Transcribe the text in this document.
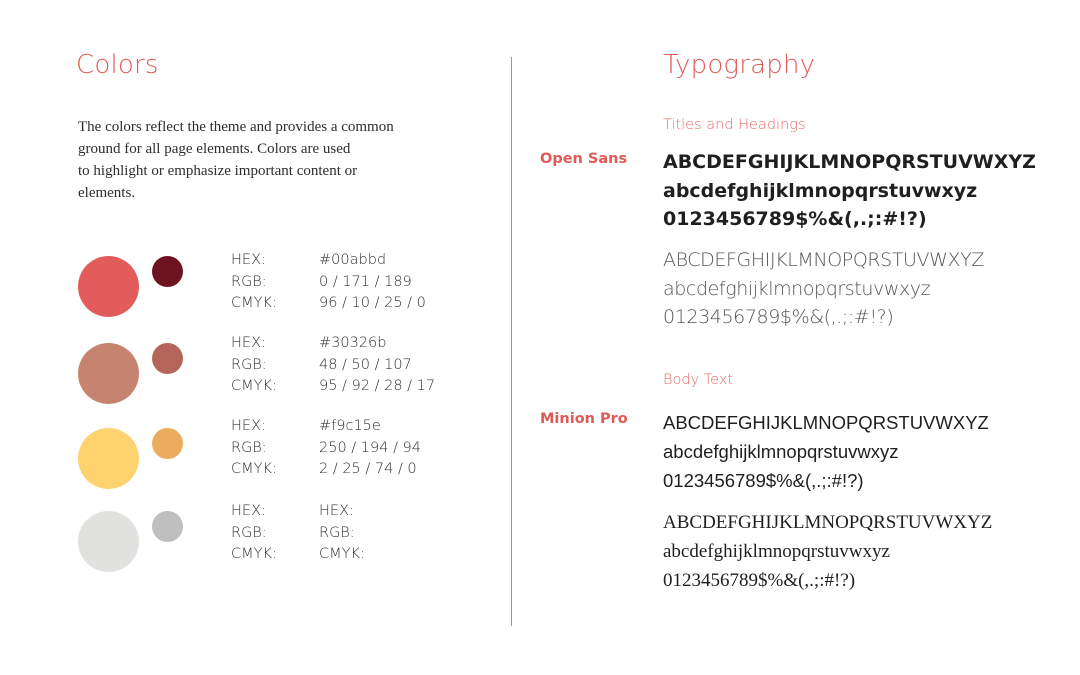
Colors
The colors reflect the theme and provides a common
ground for all page elements. Colors are used
to highlight or emphasize important content or
elements.
HEX:
RGB:
CMYK:
#00abbd
0 / 171 / 189
96 / 10 / 25 / 0
HEX:
RGB:
CMYK:
#30326b
48 / 50 / 107
95 / 92 / 28 / 17
HEX:
RGB:
CMYK:
#f9c15e
250 / 194 / 94
2 / 25 / 74 / 0
HEX:
RGB:
CMYK:
HEX:
RGB:
CMYK:
Typography
Titles and Headings
Open Sans ABCDEFGHIJKLMNOPQRSTUVWXYZ
abcdefghijklmnopqrstuvwxyz
0123456789$%&(,.;:#!?)
ABCDEFGHIJKLMNOPQRSTUVWXYZ
abcdefghijklmnopqrstuvwxyz
0123456789$%&(,.;:#!?)
Body Text
Minion Pro ABCDEFGHIJKLMNOPQRSTUVWXYZ
abcdefghijklmnopqrstuvwxyz
0123456789$%&(,.;:#!?)
ABCDEFGHIJKLMNOPQRSTUVWXYZ
abcdefghijklmnopqrstuvwxyz
0123456789$%&(,.;:#!?)
